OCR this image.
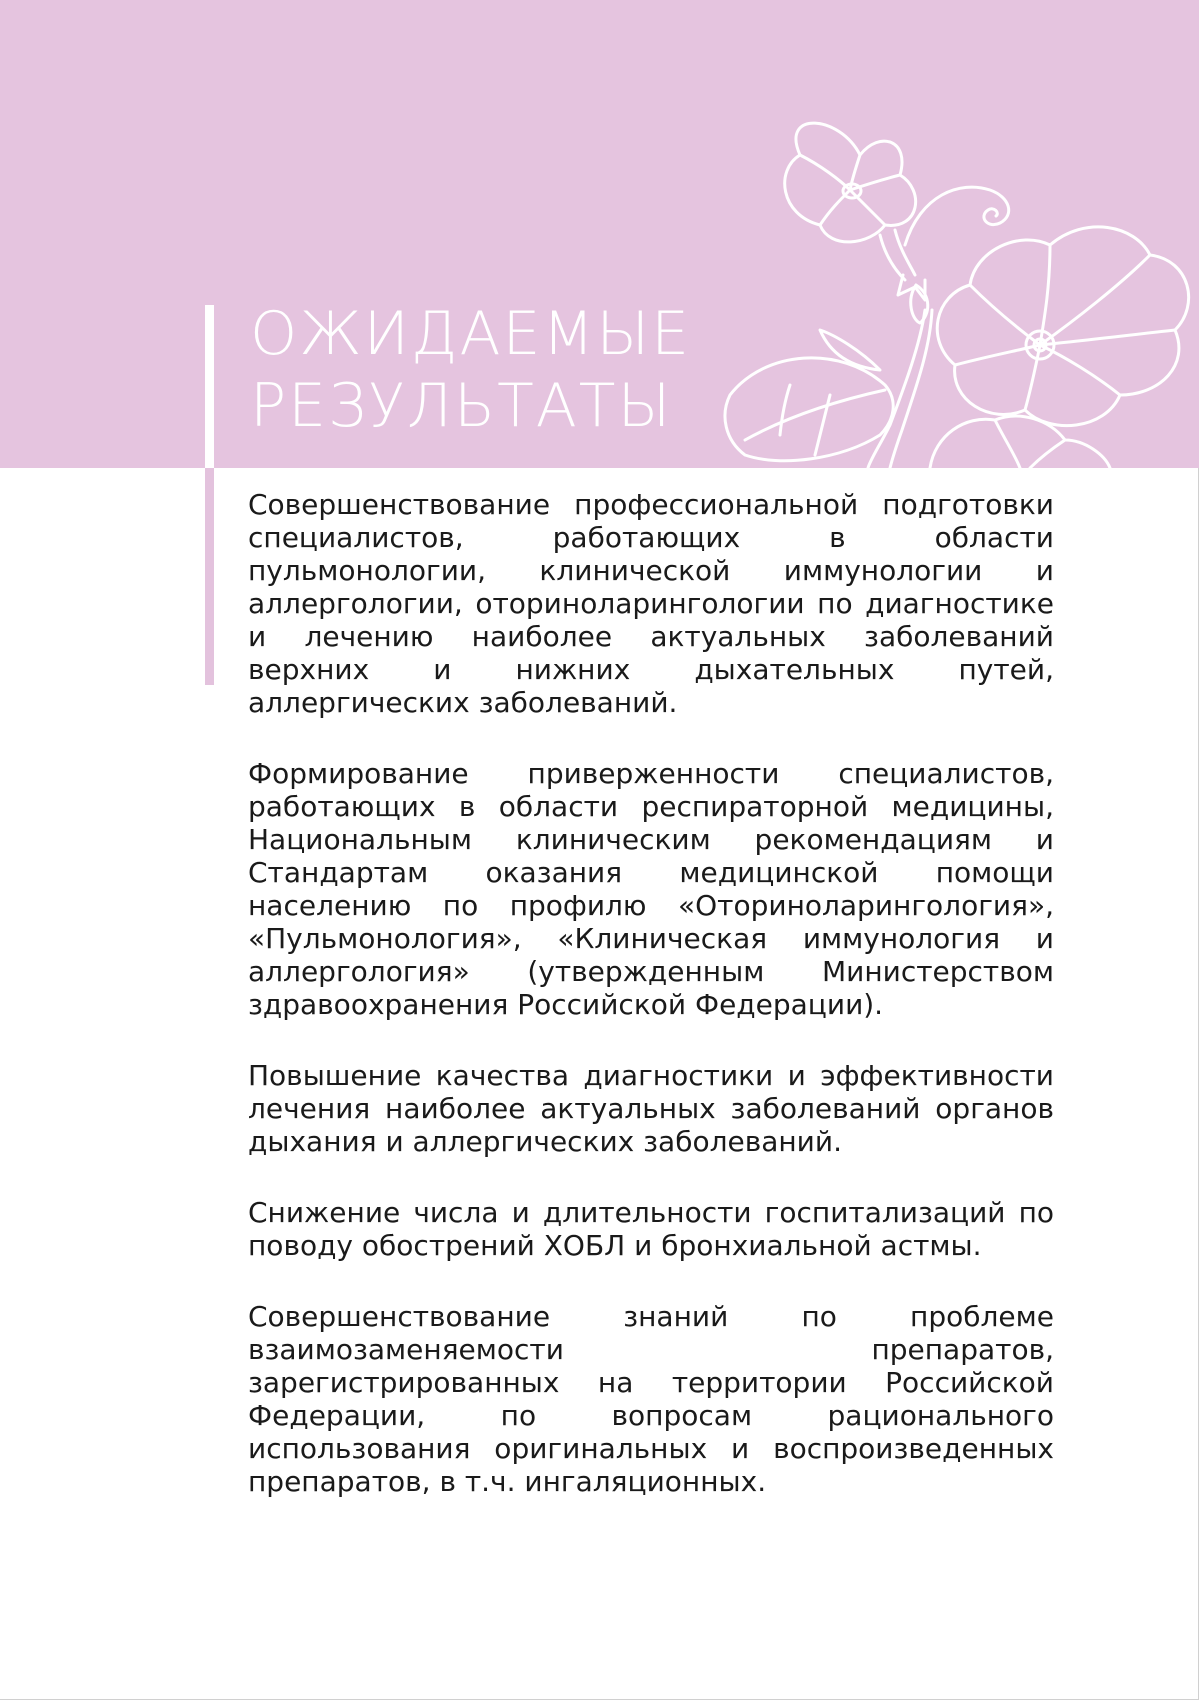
ОЖИДАЕМЫЕ
РЕЗУЛЬТАТЫ

Совершенствование профессиональной подготовки специалистов, работающих в области пульмонологии, клинической иммунологии и аллергологии, оториноларингологии по диагностике и лечению наиболее актуальных заболеваний верхних и нижних дыхательных путей, аллергических заболеваний.

Формирование приверженности специалистов, работающих в области респираторной медицины, Национальным клиническим рекомендациям и Стандартам оказания медицинской помощи населению по профилю «Оториноларингология», «Пульмонология», «Клиническая иммунология и аллергология» (утвержденным Министерством здравоохранения Российской Федерации).

Повышение качества диагностики и эффективности лечения наиболее актуальных заболеваний органов дыхания и аллергических заболеваний.

Снижение числа и длительности госпитализаций по поводу обострений ХОБЛ и бронхиальной астмы.

Совершенствование знаний по проблеме взаимозаменяемости препаратов, зарегистрированных на территории Российской Федерации, по вопросам рационального использования оригинальных и воспроизведенных препаратов, в т.ч. ингаляционных.
